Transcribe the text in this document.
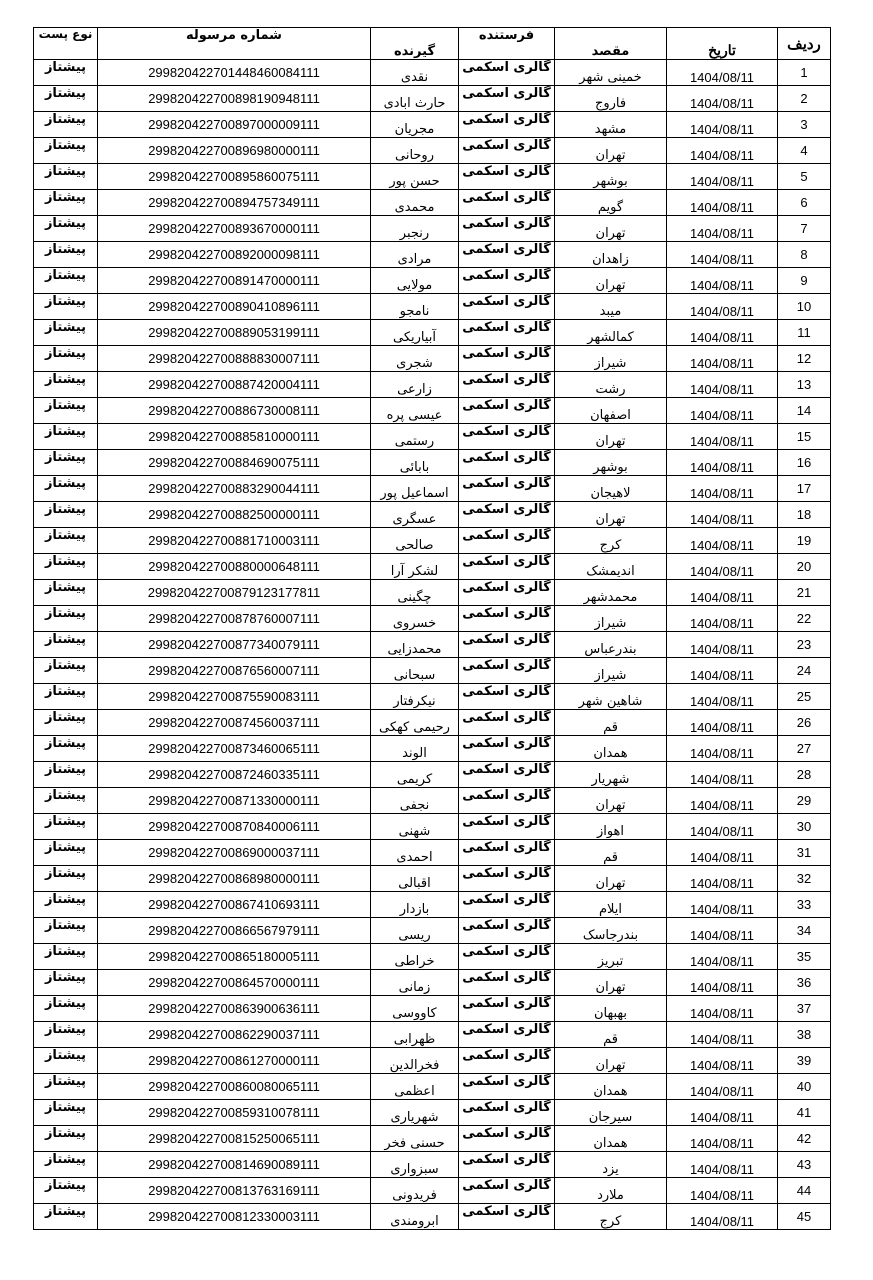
ردیف	تاریخ	مقصد	فرستنده	گیرنده	شماره مرسوله	نوع پست
1	1404/08/11	خمینی شهر	گالری اسکمی	نقدی	299820422701448460084111	پیشتاز
2	1404/08/11	فاروج	گالری اسکمی	حارث ابادی	299820422700898190948111	پیشتاز
3	1404/08/11	مشهد	گالری اسکمی	مجریان	299820422700897000009111	پیشتاز
4	1404/08/11	تهران	گالری اسکمی	روحانی	299820422700896980000111	پیشتاز
5	1404/08/11	بوشهر	گالری اسکمی	حسن پور	299820422700895860075111	پیشتاز
6	1404/08/11	گویم	گالری اسکمی	محمدی	299820422700894757349111	پیشتاز
7	1404/08/11	تهران	گالری اسکمی	رنجبر	299820422700893670000111	پیشتاز
8	1404/08/11	زاهدان	گالری اسکمی	مرادی	299820422700892000098111	پیشتاز
9	1404/08/11	تهران	گالری اسکمی	مولایی	299820422700891470000111	پیشتاز
10	1404/08/11	میبد	گالری اسکمی	نامجو	299820422700890410896111	پیشتاز
11	1404/08/11	کمالشهر	گالری اسکمی	آبیاریکی	299820422700889053199111	پیشتاز
12	1404/08/11	شیراز	گالری اسکمی	شجری	299820422700888830007111	پیشتاز
13	1404/08/11	رشت	گالری اسکمی	زارعی	299820422700887420004111	پیشتاز
14	1404/08/11	اصفهان	گالری اسکمی	عیسی پره	299820422700886730008111	پیشتاز
15	1404/08/11	تهران	گالری اسکمی	رستمی	299820422700885810000111	پیشتاز
16	1404/08/11	بوشهر	گالری اسکمی	بابائی	299820422700884690075111	پیشتاز
17	1404/08/11	لاهیجان	گالری اسکمی	اسماعیل پور	299820422700883290044111	پیشتاز
18	1404/08/11	تهران	گالری اسکمی	عسگری	299820422700882500000111	پیشتاز
19	1404/08/11	کرج	گالری اسکمی	صالحی	299820422700881710003111	پیشتاز
20	1404/08/11	اندیمشک	گالری اسکمی	لشکر آرا	299820422700880000648111	پیشتاز
21	1404/08/11	محمدشهر	گالری اسکمی	چگینی	299820422700879123177811	پیشتاز
22	1404/08/11	شیراز	گالری اسکمی	خسروی	299820422700878760007111	پیشتاز
23	1404/08/11	بندرعباس	گالری اسکمی	محمدزایی	299820422700877340079111	پیشتاز
24	1404/08/11	شیراز	گالری اسکمی	سبحانی	299820422700876560007111	پیشتاز
25	1404/08/11	شاهین شهر	گالری اسکمی	نیکرفتار	299820422700875590083111	پیشتاز
26	1404/08/11	قم	گالری اسکمی	رحیمی کهکی	299820422700874560037111	پیشتاز
27	1404/08/11	همدان	گالری اسکمی	الوند	299820422700873460065111	پیشتاز
28	1404/08/11	شهریار	گالری اسکمی	کریمی	299820422700872460335111	پیشتاز
29	1404/08/11	تهران	گالری اسکمی	نجفی	299820422700871330000111	پیشتاز
30	1404/08/11	اهواز	گالری اسکمی	شهنی	299820422700870840006111	پیشتاز
31	1404/08/11	قم	گالری اسکمی	احمدی	299820422700869000037111	پیشتاز
32	1404/08/11	تهران	گالری اسکمی	اقبالی	299820422700868980000111	پیشتاز
33	1404/08/11	ایلام	گالری اسکمی	بازدار	299820422700867410693111	پیشتاز
34	1404/08/11	بندرجاسک	گالری اسکمی	ریسی	299820422700866567979111	پیشتاز
35	1404/08/11	تبریز	گالری اسکمی	خراطی	299820422700865180005111	پیشتاز
36	1404/08/11	تهران	گالری اسکمی	زمانی	299820422700864570000111	پیشتاز
37	1404/08/11	بهبهان	گالری اسکمی	کاووسی	299820422700863900636111	پیشتاز
38	1404/08/11	قم	گالری اسکمی	ظهرابی	299820422700862290037111	پیشتاز
39	1404/08/11	تهران	گالری اسکمی	فخرالدین	299820422700861270000111	پیشتاز
40	1404/08/11	همدان	گالری اسکمی	اعظمی	299820422700860080065111	پیشتاز
41	1404/08/11	سیرجان	گالری اسکمی	شهریاری	299820422700859310078111	پیشتاز
42	1404/08/11	همدان	گالری اسکمی	حسنی فخر	299820422700815250065111	پیشتاز
43	1404/08/11	یزد	گالری اسکمی	سبزواری	299820422700814690089111	پیشتاز
44	1404/08/11	ملارد	گالری اسکمی	فریدونی	299820422700813763169111	پیشتاز
45	1404/08/11	کرج	گالری اسکمی	ابرومندی	299820422700812330003111	پیشتاز
